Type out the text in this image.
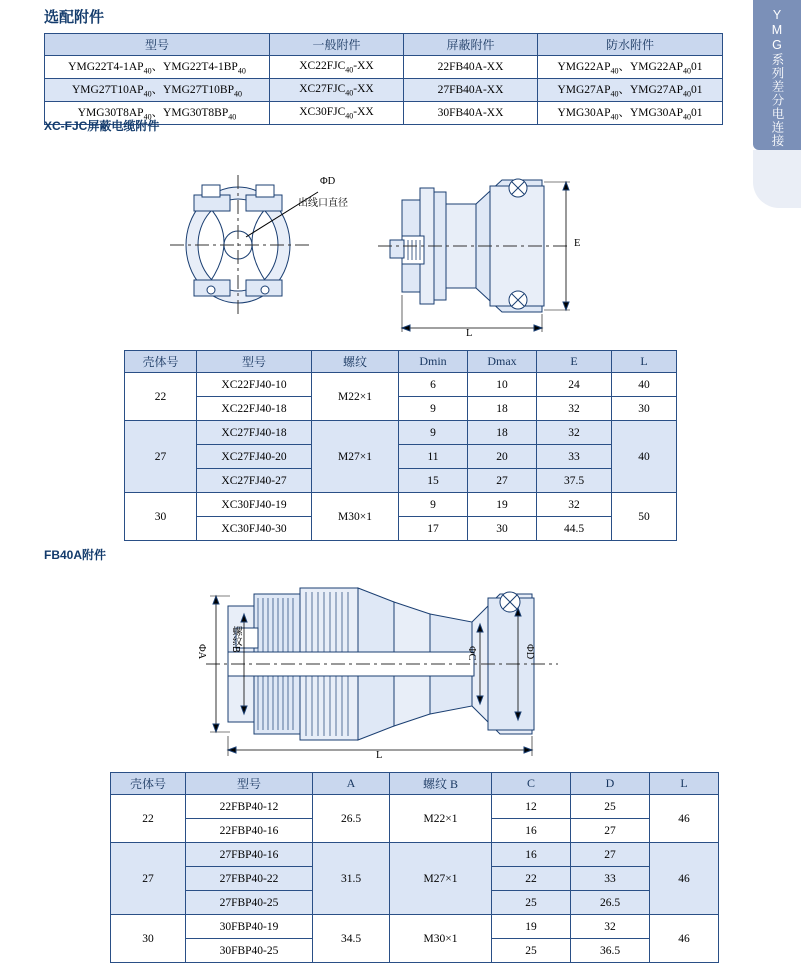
YMG系列差分电连接器
选配附件
型号	一般附件	屏蔽附件	防水附件
$YMG22T4-1AP_{40}$、$YMG22T4-1BP_{40}$	$XC22FJC_{40}-XX$	22FB40A-XX	$YMG22AP_{40}$、$YMG22AP_{40}01$
$YMG27T10AP_{40}$、$YMG27T10BP_{40}$	$XC27FJC_{40}-XX$	27FB40A-XX	$YMG27AP_{40}$、$YMG27AP_{40}01$
$YMG30T8AP_{40}$、$YMG30T8BP_{40}$	$XC30FJC_{40}-XX$	30FB40A-XX	$YMG30AP_{40}$、$YMG30AP_{40}01$
XC-FJC屏蔽电缆附件
ΦD
出线口直径
E
L
壳体号	型号	螺纹	Dmin	Dmax	E	L
22	XC22FJ40-10	M22×1	6	10	24	40
	XC22FJ40-18		9	18	32	30
27	XC27FJ40-18	M27×1	9	18	32	40
	XC27FJ40-20		11	20	33	
	XC27FJ40-27		15	27	37.5	
30	XC30FJ40-19	M30×1	9	19	32	50
	XC30FJ40-30		17	30	44.5	
FB40A附件
ΦA 螺纹B
ΦC	ΦD
L
壳体号	型号	A	螺纹 B	C	D	L
22	22FBP40-12	26.5	M22×1	12	25	46
	22FBP40-16			16	27	
27	27FBP40-16	31.5	M27×1	16	27	46
	27FBP40-22			22	33	
	27FBP40-25			25	26.5	
30	30FBP40-19	34.5	M30×1	19	32	46
	30FBP40-25			25	36.5	
